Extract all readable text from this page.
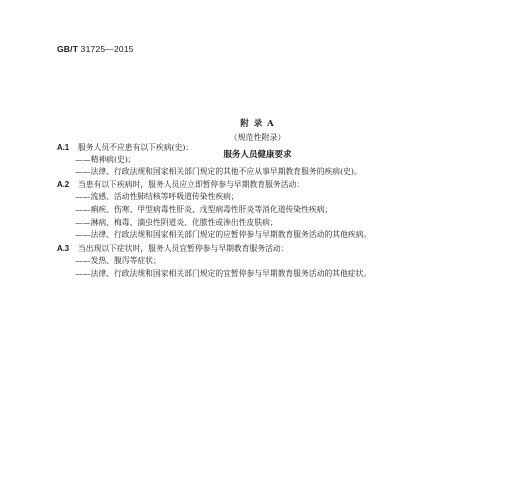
GB/T 31725—2015
附 录 A
（规范性附录）
服务人员健康要求
A.1 服务人员不应患有以下疾病(史)：
——精神病(史)；
——法律、行政法规和国家相关部门规定的其他不应从事早期教育服务的疾病(史)。
A.2 当患有以下疾病时，服务人员应立即暂停参与早期教育服务活动：
——流感、活动性肺结核等呼吸道传染性疾病；
——痢疾、伤寒、甲型病毒性肝炎、戊型病毒性肝炎等消化道传染性疾病；
——淋病、梅毒、滴虫性阴道炎、化脓性或渗出性皮肤病；
——法律、行政法规和国家相关部门规定的应暂停参与早期教育服务活动的其他疾病。
A.3 当出现以下症状时，服务人员宜暂停参与早期教育服务活动：
——发热、腹泻等症状；
——法律、行政法规和国家相关部门规定的宜暂停参与早期教育服务活动的其他症状。
